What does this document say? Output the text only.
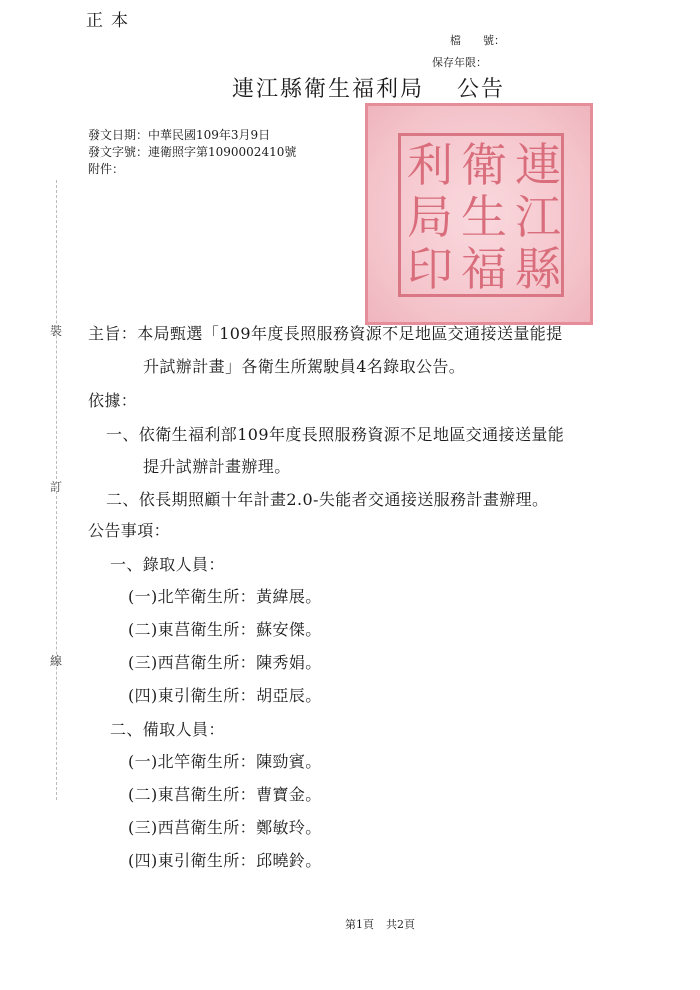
正本
檔　　號：
保存年限：
連江縣衛生福利局　 公告
發文日期：中華民國109年3月9日
發文字號：連衛照字第1090002410號
附件：
裝
訂
線
連
江
縣
衛
生
福
利
局
印
主旨：本局甄選「109年度長照服務資源不足地區交通接送量能提
升試辦計畫」各衛生所駕駛員4名錄取公告。
依據：
一、依衛生福利部109年度長照服務資源不足地區交通接送量能
提升試辦計畫辦理。
二、依長期照顧十年計畫2.0-失能者交通接送服務計畫辦理。
公告事項：
一、錄取人員：
(一)北竿衛生所：黃緯展。
(二)東莒衛生所：蘇安傑。
(三)西莒衛生所：陳秀娟。
(四)東引衛生所：胡亞辰。
二、備取人員：
(一)北竿衛生所：陳勁賓。
(二)東莒衛生所：曹寶金。
(三)西莒衛生所：鄭敏玲。
(四)東引衛生所：邱曉鈴。
第1頁 共2頁
